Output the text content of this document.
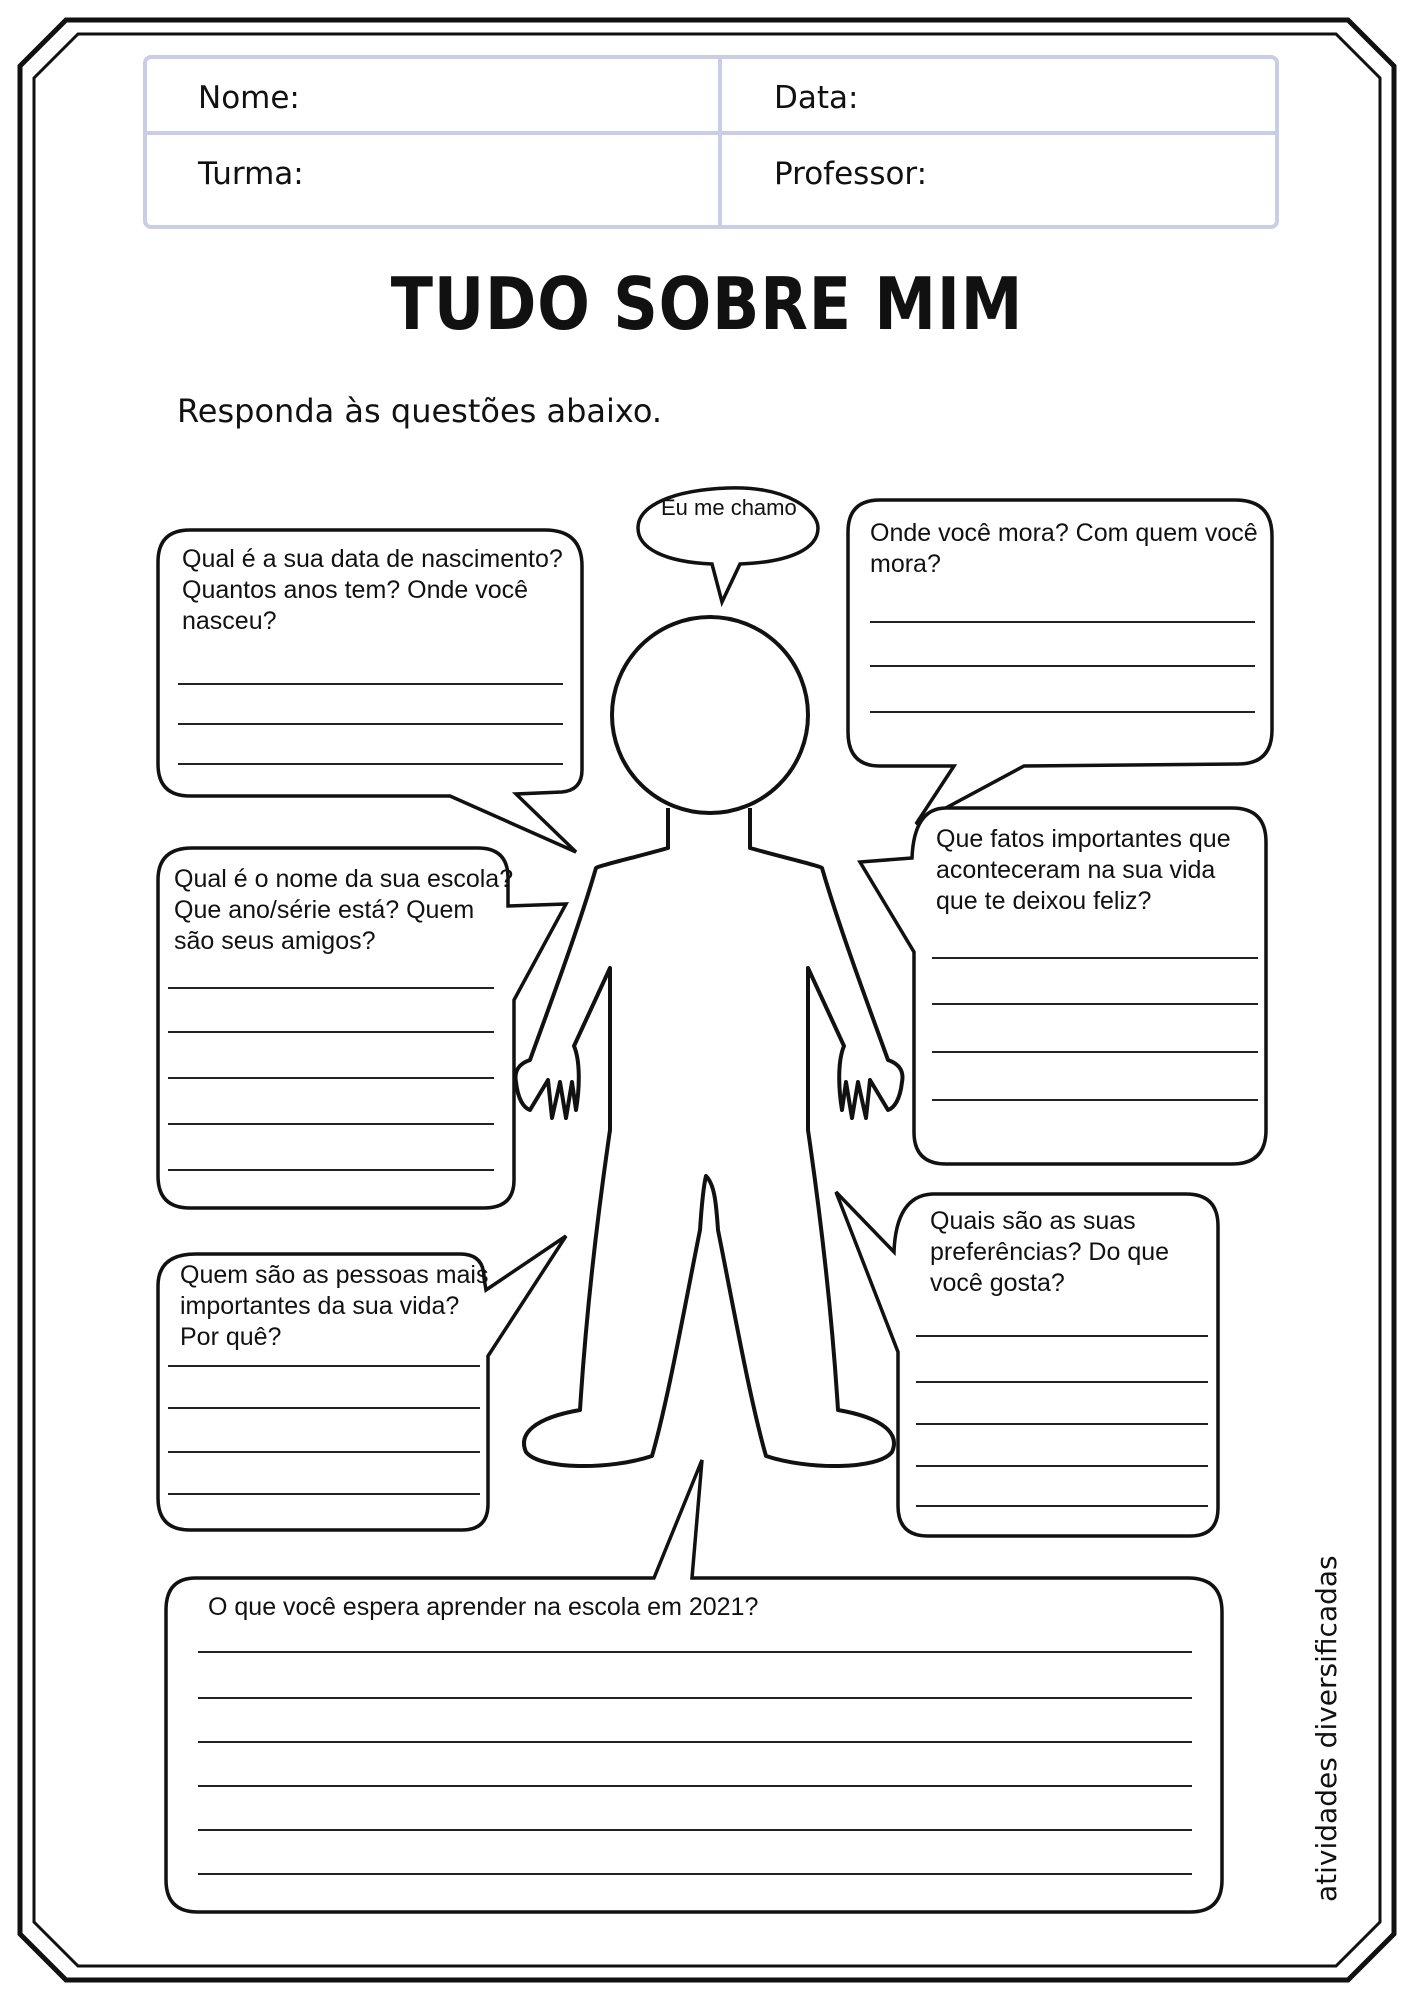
Nome:	Data:
Turma:	Professor:
TUDO SOBRE MIM
Responda às questões abaixo.
Eu me chamo
Qual é a sua data de nascimento?
Quantos anos tem? Onde você
nasceu?
Onde você mora? Com quem você
mora?
Qual é o nome da sua escola?
Que ano/série está? Quem
são seus amigos?
Que fatos importantes que
aconteceram na sua vida
que te deixou feliz?
Quem são as pessoas mais
importantes da sua vida?
Por quê?
Quais são as suas
preferências? Do que
você gosta?
O que você espera aprender na escola em 2021?	atividades diversificadas
